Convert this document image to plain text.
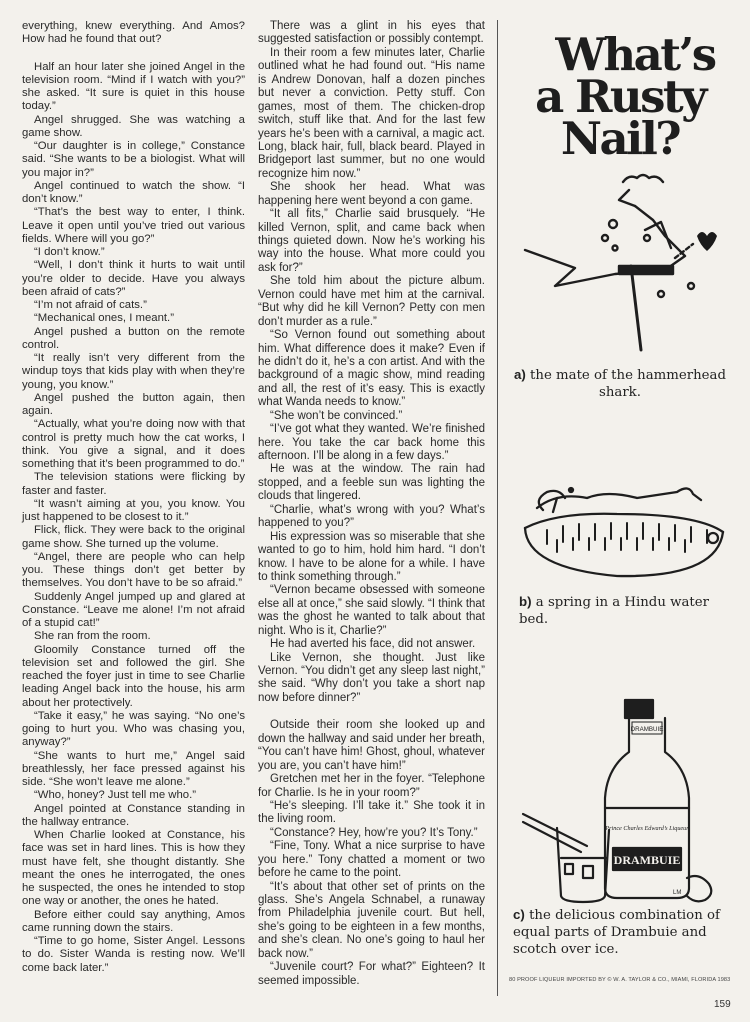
everything, knew everything. And Amos? How had he found that out?

Half an hour later she joined Angel in the television room. “Mind if I watch with you?” she asked. “It sure is quiet in this house today.”

Angel shrugged. She was watching a game show.

“Our daughter is in college,” Constance said. “She wants to be a biologist. What will you major in?”

Angel continued to watch the show. “I don’t know.”

“That’s the best way to enter, I think. Leave it open until you’ve tried out various fields. Where will you go?”

“I don’t know.”

“Well, I don’t think it hurts to wait until you’re older to decide. Have you always been afraid of cats?”

“I’m not afraid of cats.”

“Mechanical ones, I meant.”

Angel pushed a button on the remote control.

“It really isn’t very different from the windup toys that kids play with when they’re young, you know.”

Angel pushed the button again, then again.

“Actually, what you’re doing now with that control is pretty much how the cat works, I think. You give a signal, and it does something that it’s been programmed to do.”

The television stations were flicking by faster and faster.

“It wasn’t aiming at you, you know. You just happened to be closest to it.”

Flick, flick. They were back to the original game show. She turned up the volume.

“Angel, there are people who can help you. These things don’t get better by themselves. You don’t have to be so afraid.”

Suddenly Angel jumped up and glared at Constance. “Leave me alone! I’m not afraid of a stupid cat!”

She ran from the room.

Gloomily Constance turned off the television set and followed the girl. She reached the foyer just in time to see Charlie leading Angel back into the house, his arm about her protectively.

“Take it easy,” he was saying. “No one’s going to hurt you. Who was chasing you, anyway?”

“She wants to hurt me,” Angel said breathlessly, her face pressed against his side. “She won’t leave me alone.”

“Who, honey? Just tell me who.”

Angel pointed at Constance standing in the hallway entrance.

When Charlie looked at Constance, his face was set in hard lines. This is how they must have felt, she thought distantly. She meant the ones he interrogated, the ones he suspected, the ones he intended to stop one way or another, the ones he hated.

Before either could say anything, Amos came running down the stairs.

“Time to go home, Sister Angel. Lessons to do. Sister Wanda is resting now. We’ll come back later.”

There was a glint in his eyes that suggested satisfaction or possibly contempt.

In their room a few minutes later, Charlie outlined what he had found out. “His name is Andrew Donovan, half a dozen pinches but never a conviction. Petty stuff. Con games, most of them. The chicken-drop switch, stuff like that. And for the last few years he’s been with a carnival, a magic act. Long, black hair, full, black beard. Played in Bridgeport last summer, but no one would recognize him now.”

She shook her head. What was happening here went beyond a con game.

“It all fits,” Charlie said brusquely. “He killed Vernon, split, and came back when things quieted down. Now he’s working his way into the house. What more could you ask for?”

She told him about the picture album. Vernon could have met him at the carnival. “But why did he kill Vernon? Petty con men don’t murder as a rule.”

“So Vernon found out something about him. What difference does it make? Even if he didn’t do it, he’s a con artist. And with the background of a magic show, mind reading and all, the rest of it’s easy. This is exactly what Wanda needs to know.”

“She won’t be convinced.”

“I’ve got what they wanted. We’re finished here. You take the car back home this afternoon. I’ll be along in a few days.”

He was at the window. The rain had stopped, and a feeble sun was lighting the clouds that lingered.

“Charlie, what’s wrong with you? What’s happened to you?”

His expression was so miserable that she wanted to go to him, hold him hard. “I don’t know. I have to be alone for a while. I have to think something through.”

“Vernon became obsessed with someone else all at once,” she said slowly. “I think that was the ghost he wanted to talk about that night. Who is it, Charlie?”

He had averted his face, did not answer.

Like Vernon, she thought. Just like Vernon. “You didn’t get any sleep last night,” she said. “Why don’t you take a short nap now before dinner?”

Outside their room she looked up and down the hallway and said under her breath, “You can’t have him! Ghost, ghoul, whatever you are, you can’t have him!”

Gretchen met her in the foyer. “Telephone for Charlie. Is he in your room?”

“He’s sleeping. I’ll take it.” She took it in the living room.

“Constance? Hey, how’re you? It’s Tony.”

“Fine, Tony. What a nice surprise to have you here.” Tony chatted a moment or two before he came to the point.

“It’s about that other set of prints on the glass. She’s Angela Schnabel, a runaway from Philadelphia juvenile court. But hell, she’s going to be eighteen in a few months, and she’s clean. No one’s going to haul her back now.”

“Juvenile court? For what?” Eighteen? It seemed impossible.

What’s
a Rusty Nail?
a) the mate of the hammerhead shark.
b) a spring in a Hindu water bed.
DRAMBUIE
Prince Charles Edward’s Liqueur
DRAMBUIE
LM
c) the delicious combination of equal parts of Drambuie and scotch over ice.
80 PROOF LIQUEUR IMPORTED BY © W. A. TAYLOR & CO., MIAMI, FLORIDA 1983
159
